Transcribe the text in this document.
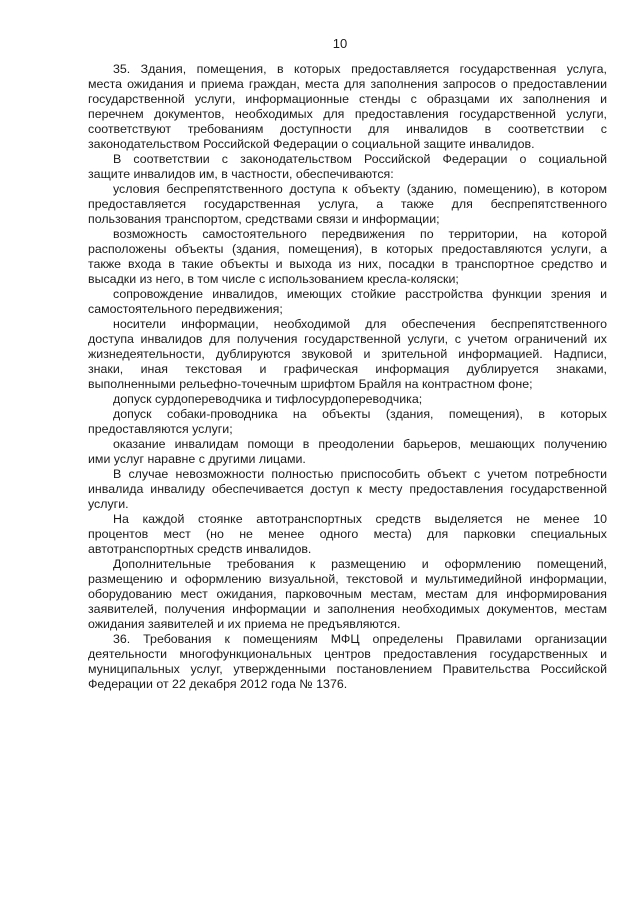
10
35. Здания, помещения, в которых предоставляется государственная услуга,
места ожидания и приема граждан, места для заполнения запросов о предоставлении
государственной услуги, информационные стенды с образцами их заполнения и
перечнем документов, необходимых для предоставления государственной услуги,
соответствуют требованиям доступности для инвалидов в соответствии с
законодательством Российской Федерации о социальной защите инвалидов.
В соответствии с законодательством Российской Федерации о социальной
защите инвалидов им, в частности, обеспечиваются:
условия беспрепятственного доступа к объекту (зданию, помещению), в котором
предоставляется государственная услуга, а также для беспрепятственного
пользования транспортом, средствами связи и информации;
возможность самостоятельного передвижения по территории, на которой
расположены объекты (здания, помещения), в которых предоставляются услуги, а
также входа в такие объекты и выхода из них, посадки в транспортное средство и
высадки из него, в том числе с использованием кресла-коляски;
сопровождение инвалидов, имеющих стойкие расстройства функции зрения и
самостоятельного передвижения;
носители информации, необходимой для обеспечения беспрепятственного
доступа инвалидов для получения государственной услуги, с учетом ограничений их
жизнедеятельности, дублируются звуковой и зрительной информацией. Надписи,
знаки, иная текстовая и графическая информация дублируется знаками,
выполненными рельефно-точечным шрифтом Брайля на контрастном фоне;
допуск сурдопереводчика и тифлосурдопереводчика;
допуск собаки-проводника на объекты (здания, помещения), в которых
предоставляются услуги;
оказание инвалидам помощи в преодолении барьеров, мешающих получению
ими услуг наравне с другими лицами.
В случае невозможности полностью приспособить объект с учетом потребности
инвалида инвалиду обеспечивается доступ к месту предоставления государственной
услуги.
На каждой стоянке автотранспортных средств выделяется не менее 10
процентов мест (но не менее одного места) для парковки специальных
автотранспортных средств инвалидов.
Дополнительные требования к размещению и оформлению помещений,
размещению и оформлению визуальной, текстовой и мультимедийной информации,
оборудованию мест ожидания, парковочным местам, местам для информирования
заявителей, получения информации и заполнения необходимых документов, местам
ожидания заявителей и их приема не предъявляются.
36. Требования к помещениям МФЦ определены Правилами организации
деятельности многофункциональных центров предоставления государственных и
муниципальных услуг, утвержденными постановлением Правительства Российской
Федерации от 22 декабря 2012 года № 1376.
